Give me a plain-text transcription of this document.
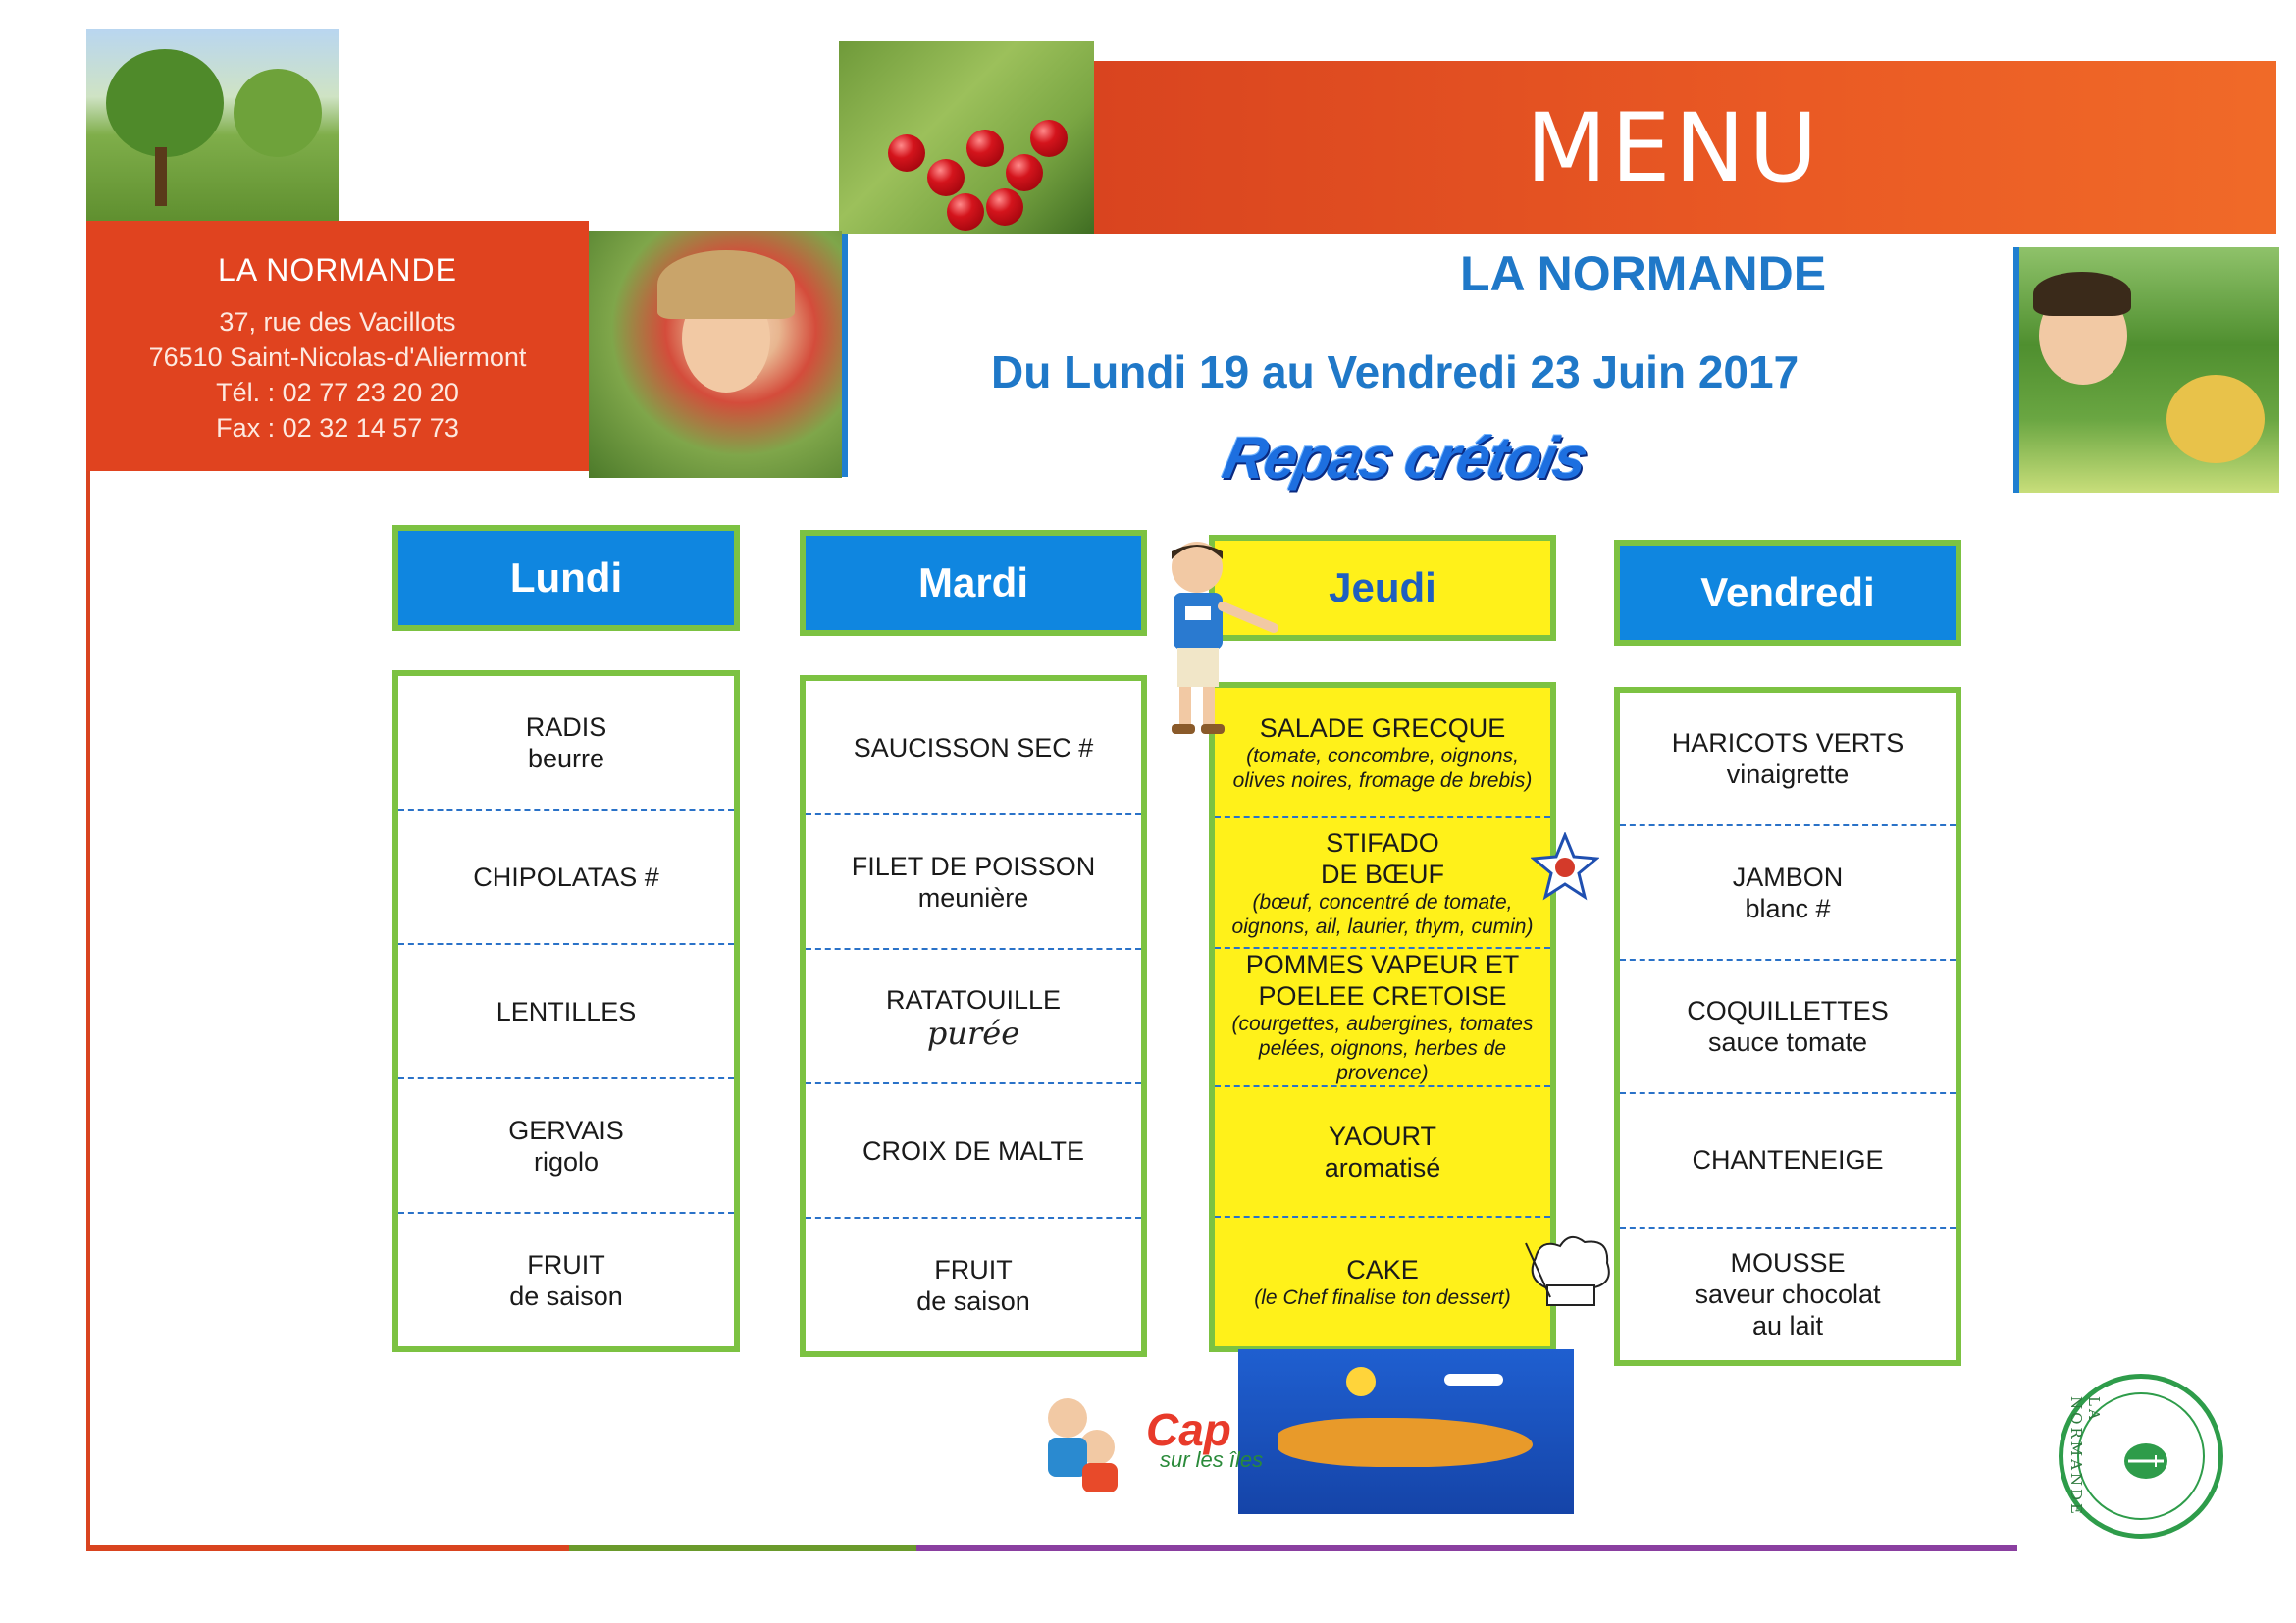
MENU
LA NORMANDE
37, rue des Vacillots
76510 Saint-Nicolas-d'Aliermont
Tél. : 02 77 23 20 20
Fax : 02 32 14 57 73
LA NORMANDE
Du Lundi 19 au Vendredi 23 Juin 2017
Repas crétois
Lundi	Mardi	Jeudi	Vendredi
RADIS
beurre
CHIPOLATAS #
LENTILLES
GERVAIS
rigolo
FRUIT
de saison
SAUCISSON SEC #
FILET DE POISSON
meunière
RATATOUILLE
purée
CROIX DE MALTE
FRUIT
de saison
SALADE GRECQUE
(tomate, concombre, oignons, olives noires, fromage de brebis)
STIFADO
DE BŒUF
(bœuf, concentré de tomate, oignons, ail, laurier, thym, cumin)
POMMES VAPEUR ET
POELEE CRETOISE
(courgettes, aubergines, tomates pelées, oignons, herbes de provence)
YAOURT
aromatisé
CAKE
(le Chef finalise ton dessert)
HARICOTS VERTS
vinaigrette
JAMBON
blanc #
COQUILLETTES
sauce tomate
CHANTENEIGE
MOUSSE
saveur chocolat
au lait
Cap
sur les îles
LA NORMANDE
